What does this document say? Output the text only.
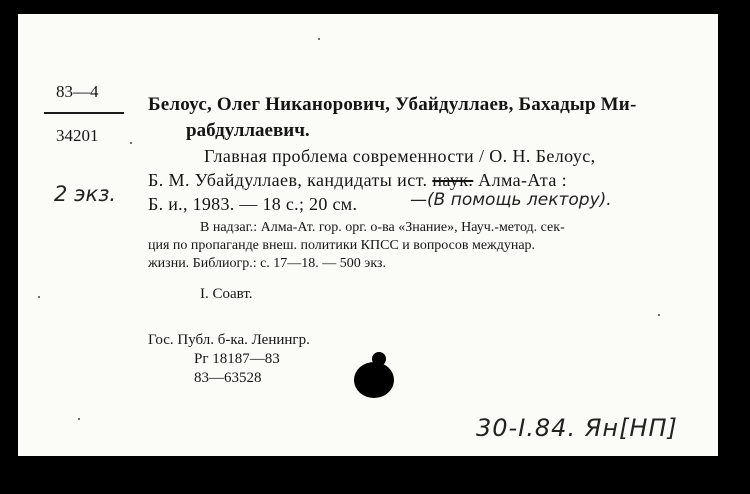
83—4
34201
2 экз.
Белоус, Олег Никанорович, Убайдуллаев, Бахадыр Ми-
рабдуллаевич.
Главная проблема современности / О. Н. Белоус,
Б. М. Убайдуллаев, кандидаты ист. наук. Алма-Ата :
Б. и., 1983. — 18 с.; 20 см.	—(В помощь лектору).
В надзаг.: Алма-Ат. гор. орг. о-ва «Знание», Науч.-метод. сек-
ция по пропаганде внеш. политики КПСС и вопросов междунар.
жизни. Библиогр.: с. 17—18. — 500 экз.
I. Соавт.
Гос. Публ. б-ка. Ленингр.
Рг 18187—83
83—63528
30-I.84. Ян[НП]
